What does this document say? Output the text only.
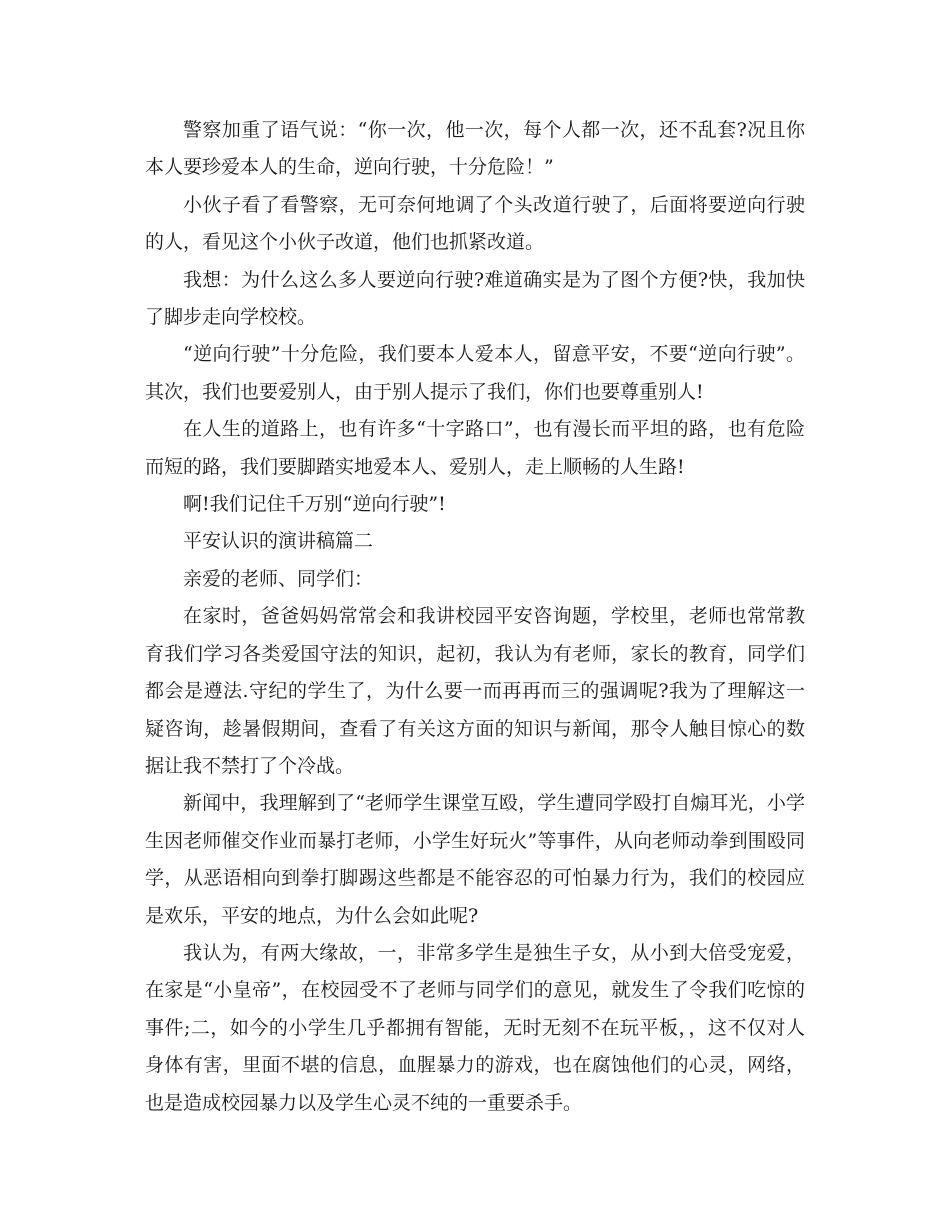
警察加重了语气说：“你一次，他一次，每个人都一次，还不乱套?况且你本人要珍爱本人的生命，逆向行驶，十分危险！”

小伙子看了看警察，无可奈何地调了个头改道行驶了，后面将要逆向行驶的人，看见这个小伙子改道，他们也抓紧改道。

我想：为什么这么多人要逆向行驶?难道确实是为了图个方便?快，我加快了脚步走向学校校。

“逆向行驶”十分危险，我们要本人爱本人，留意平安，不要“逆向行驶”。其次，我们也要爱别人，由于别人提示了我们，你们也要尊重别人!

在人生的道路上，也有许多“十字路口”，也有漫长而平坦的路，也有危险而短的路，我们要脚踏实地爱本人、爱别人，走上顺畅的人生路!

啊!我们记住千万别“逆向行驶”!

平安认识的演讲稿篇二

亲爱的老师、同学们：

在家时，爸爸妈妈常常会和我讲校园平安咨询题，学校里，老师也常常教育我们学习各类爱国守法的知识，起初，我认为有老师，家长的教育，同学们都会是遵法.守纪的学生了，为什么要一而再再而三的强调呢?我为了理解这一疑咨询，趁暑假期间，查看了有关这方面的知识与新闻，那令人触目惊心的数据让我不禁打了个冷战。

新闻中，我理解到了“老师学生课堂互殴，学生遭同学殴打自煽耳光，小学生因老师催交作业而暴打老师，小学生好玩火”等事件，从向老师动拳到围殴同学，从恶语相向到拳打脚踢这些都是不能容忍的可怕暴力行为，我们的校园应是欢乐，平安的地点，为什么会如此呢?

我认为，有两大缘故，一，非常多学生是独生子女，从小到大倍受宠爱，在家是“小皇帝”，在校园受不了老师与同学们的意见，就发生了令我们吃惊的事件;二，如今的小学生几乎都拥有智能，无时无刻不在玩平板，，这不仅对人身体有害，里面不堪的信息，血腥暴力的游戏，也在腐蚀他们的心灵，网络，也是造成校园暴力以及学生心灵不纯的一重要杀手。
